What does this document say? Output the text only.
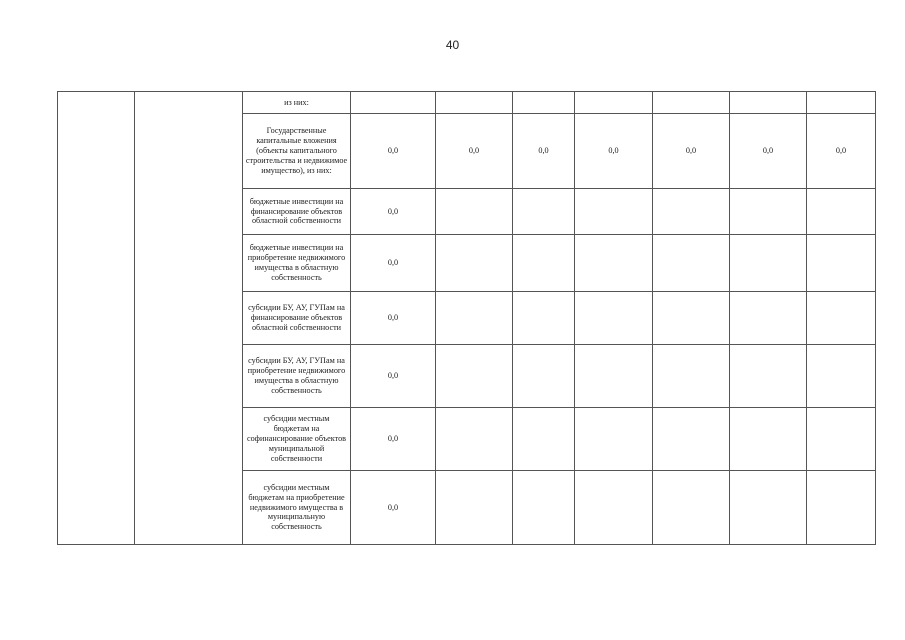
40
		из них:							
		Государственные капитальные вложения (объекты капитального строительства и недвижимое имущество), из них:	0,0	0,0	0,0	0,0	0,0	0,0	0,0
		бюджетные инвестиции на финансирование объектов областной собственности	0,0						
		бюджетные инвестиции на приобретение недвижимого имущества в областную собственность	0,0						
		субсидии БУ, АУ, ГУПам на финансирование объектов областной собственности	0,0						
		субсидии БУ, АУ, ГУПам на приобретение недвижимого имущества в областную собственность	0,0						
		субсидии местным бюджетам на софинансирование объектов муниципальной собственности	0,0						
		субсидии местным бюджетам на приобретение недвижимого имущества в муниципальную собственность	0,0						
